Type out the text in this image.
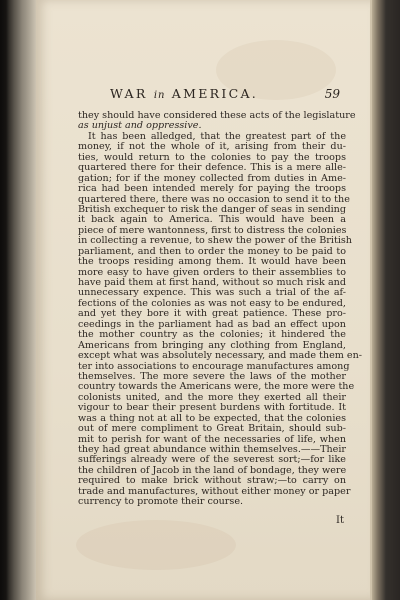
WAR in AMERICA.	59
they should have considered these acts of the legislature
as unjust and oppressive.
It has been alledged, that the greatest part of the
money, if not the whole of it, arising from their du-
ties, would return to the colonies to pay the troops
quartered there for their defence. This is a mere alle-
gation; for if the money collected from duties in Ame-
rica had been intended merely for paying the troops
quartered there, there was no occasion to send it to the
British exchequer to risk the danger of seas in sending
it back again to America. This would have been a
piece of mere wantonness, first to distress the colonies
in collecting a revenue, to shew the power of the British
parliament, and then to order the money to be paid to
the troops residing among them. It would have been
more easy to have given orders to their assemblies to
have paid them at first hand, without so much risk and
unnecessary expence. This was such a trial of the af-
fections of the colonies as was not easy to be endured,
and yet they bore it with great patience. These pro-
ceedings in the parliament had as bad an effect upon
the mother country as the colonies; it hindered the
Americans from bringing any clothing from England,
except what was absolutely necessary, and made them en-
ter into associations to encourage manufactures among
themselves. The more severe the laws of the mother
country towards the Americans were, the more were the
colonists united, and the more they exerted all their
vigour to bear their present burdens with fortitude. It
was a thing not at all to be expected, that the colonies
out of mere compliment to Great Britain, should sub-
mit to perish for want of the necessaries of life, when
they had great abundance within themselves.——Their
sufferings already were of the severest sort;—for like
the children of Jacob in the land of bondage, they were
required to make brick without straw;—to carry on
trade and manufactures, without either money or paper
currency to promote their course.
It
